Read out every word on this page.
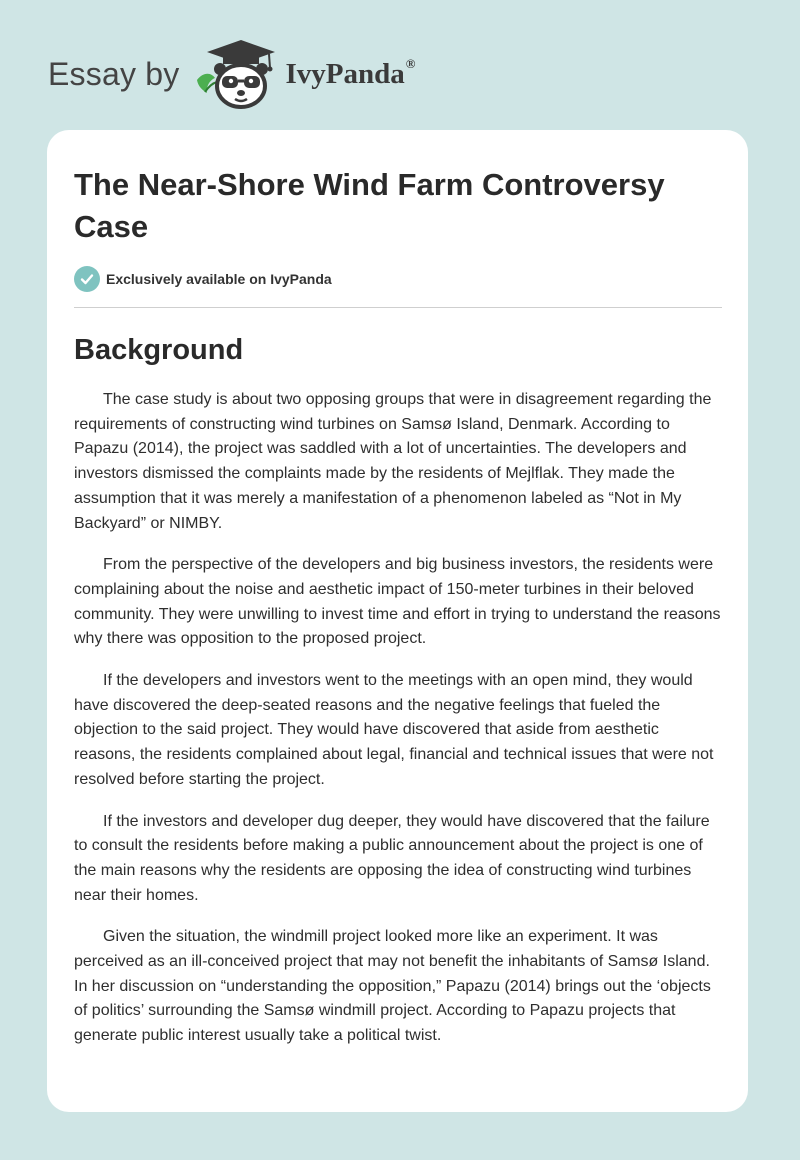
Essay by	IvyPanda®
The Near-Shore Wind Farm Controversy Case
Exclusively available on IvyPanda
Background

The case study is about two opposing groups that were in disagreement regarding the requirements of constructing wind turbines on Samsø Island, Denmark. According to Papazu (2014), the project was saddled with a lot of uncertainties. The developers and investors dismissed the complaints made by the residents of Mejlflak. They made the assumption that it was merely a manifestation of a phenomenon labeled as “Not in My Backyard” or NIMBY.

From the perspective of the developers and big business investors, the residents were complaining about the noise and aesthetic impact of 150-meter turbines in their beloved community. They were unwilling to invest time and effort in trying to understand the reasons why there was opposition to the proposed project.

If the developers and investors went to the meetings with an open mind, they would have discovered the deep-seated reasons and the negative feelings that fueled the objection to the said project. They would have discovered that aside from aesthetic reasons, the residents complained about legal, financial and technical issues that were not resolved before starting the project.

If the investors and developer dug deeper, they would have discovered that the failure to consult the residents before making a public announcement about the project is one of the main reasons why the residents are opposing the idea of constructing wind turbines near their homes.

Given the situation, the windmill project looked more like an experiment. It was perceived as an ill-conceived project that may not benefit the inhabitants of Samsø Island. In her discussion on “understanding the opposition,” Papazu (2014) brings out the ‘objects of politics’ surrounding the Samsø windmill project. According to Papazu projects that generate public interest usually take a political twist.
